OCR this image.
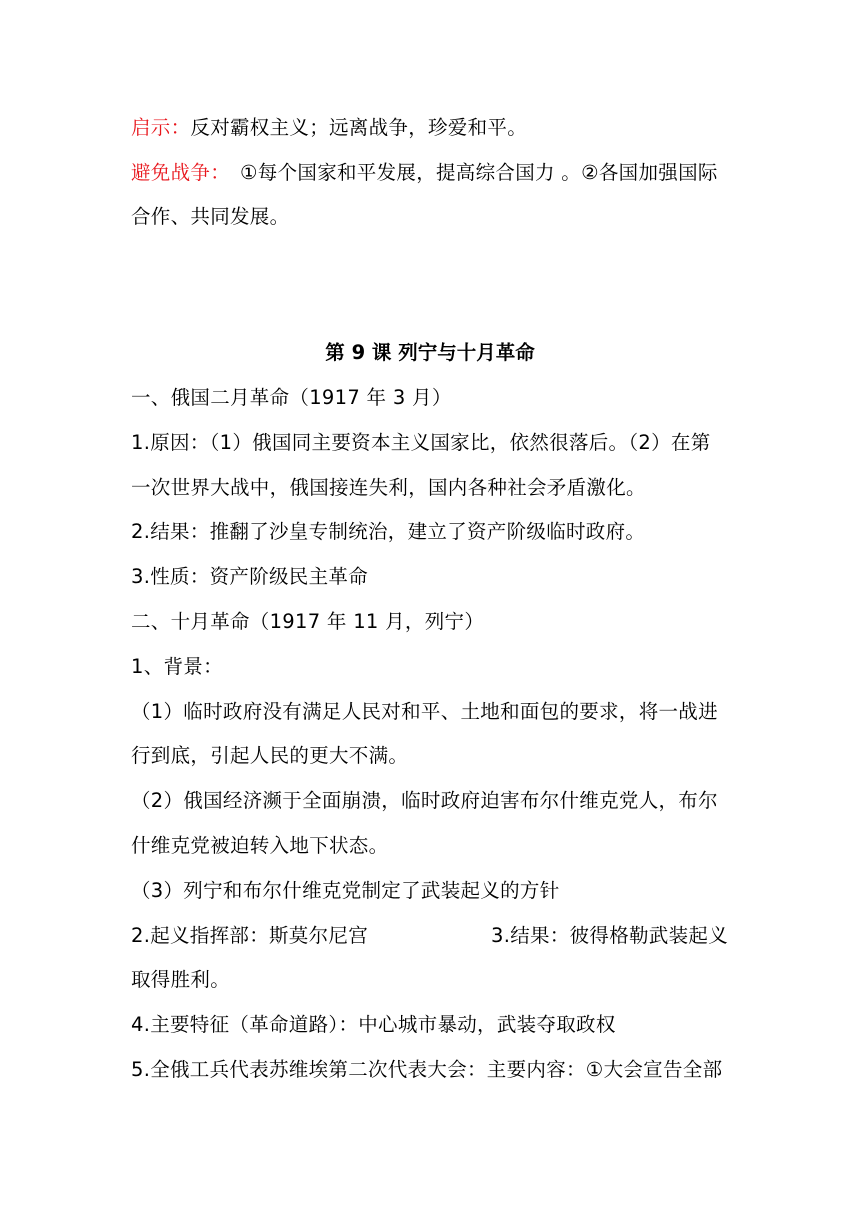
启示：反对霸权主义；远离战争，珍爱和平。
避免战争： ①每个国家和平发展，提高综合国力 。②各国加强国际
合作、共同发展。
第 9 课 列宁与十月革命
一、俄国二月革命（1917 年 3 月）
1.原因：（1）俄国同主要资本主义国家比，依然很落后。（2）在第
一次世界大战中，俄国接连失利，国内各种社会矛盾激化。
2.结果：推翻了沙皇专制统治，建立了资产阶级临时政府。
3.性质：资产阶级民主革命
二、十月革命（1917 年 11 月，列宁）
1、背景：
（1）临时政府没有满足人民对和平、土地和面包的要求，将一战进
行到底，引起人民的更大不满。
（2）俄国经济濒于全面崩溃，临时政府迫害布尔什维克党人，布尔
什维克党被迫转入地下状态。
（3）列宁和布尔什维克党制定了武装起义的方针
2.起义指挥部：斯莫尔尼宫	3.结果：彼得格勒武装起义
取得胜利。
4.主要特征（革命道路）：中心城市暴动，武装夺取政权
5.全俄工兵代表苏维埃第二次代表大会：主要内容：①大会宣告全部
